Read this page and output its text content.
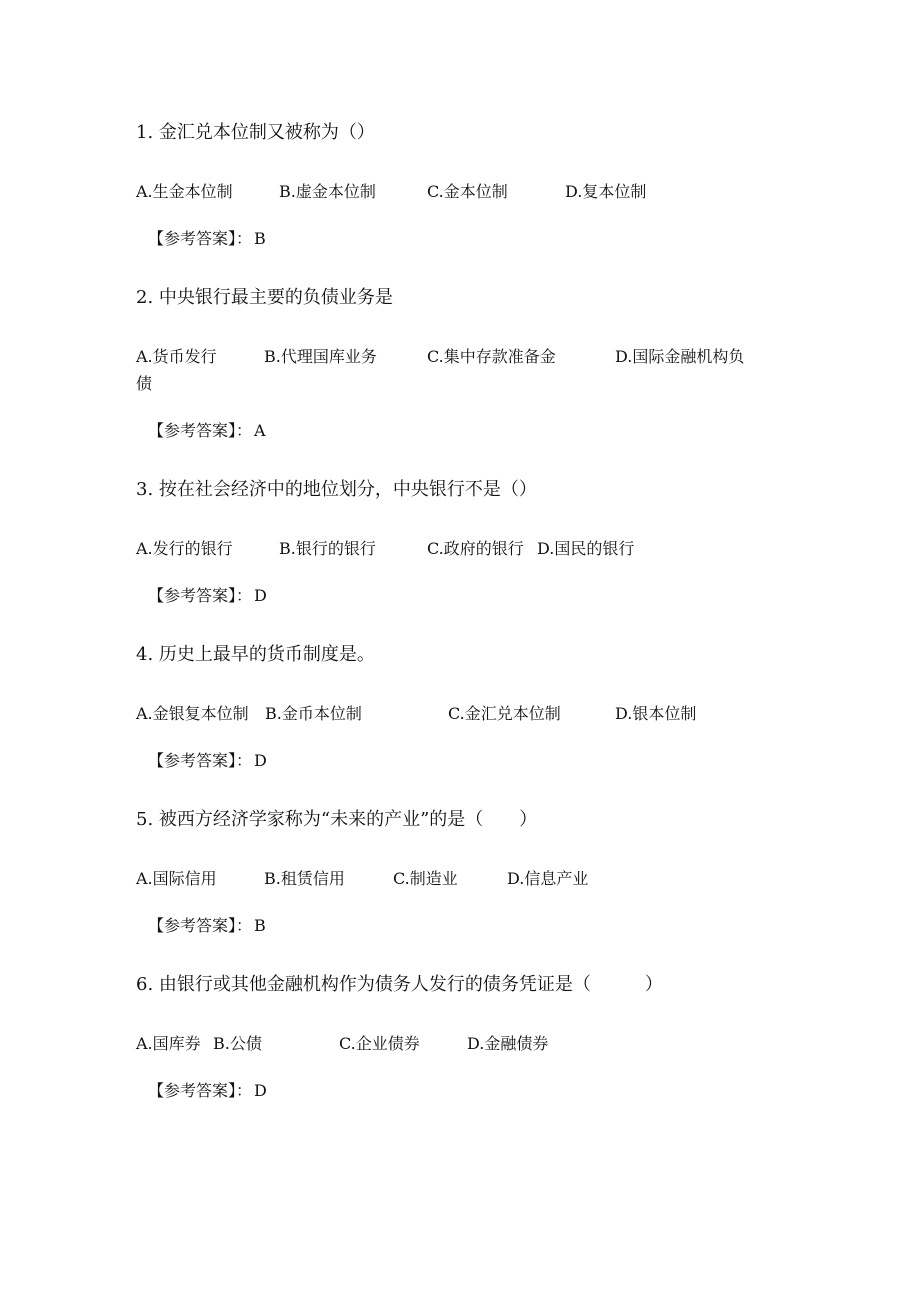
1. 金汇兑本位制又被称为（）
A.生金本位制	B.虚金本位制	C.金本位制	D.复本位制
【参考答案】： B
2. 中央银行最主要的负债业务是
A.货币发行	B.代理国库业务	C.集中存款准备金	D.国际金融机构负
债
【参考答案】： A
3. 按在社会经济中的地位划分，中央银行不是（）
A.发行的银行	B.银行的银行	C.政府的银行 D.国民的银行
【参考答案】： D
4. 历史上最早的货币制度是。
A.金银复本位制 B.金币本位制	C.金汇兑本位制	D.银本位制
【参考答案】： D
5. 被西方经济学家称为“未来的产业”的是（　　）
A.国际信用	B.租赁信用	C.制造业	D.信息产业
【参考答案】： B
6. 由银行或其他金融机构作为债务人发行的债务凭证是（　　　）
A.国库券 B.公债	C.企业债券	D.金融债券
【参考答案】： D
